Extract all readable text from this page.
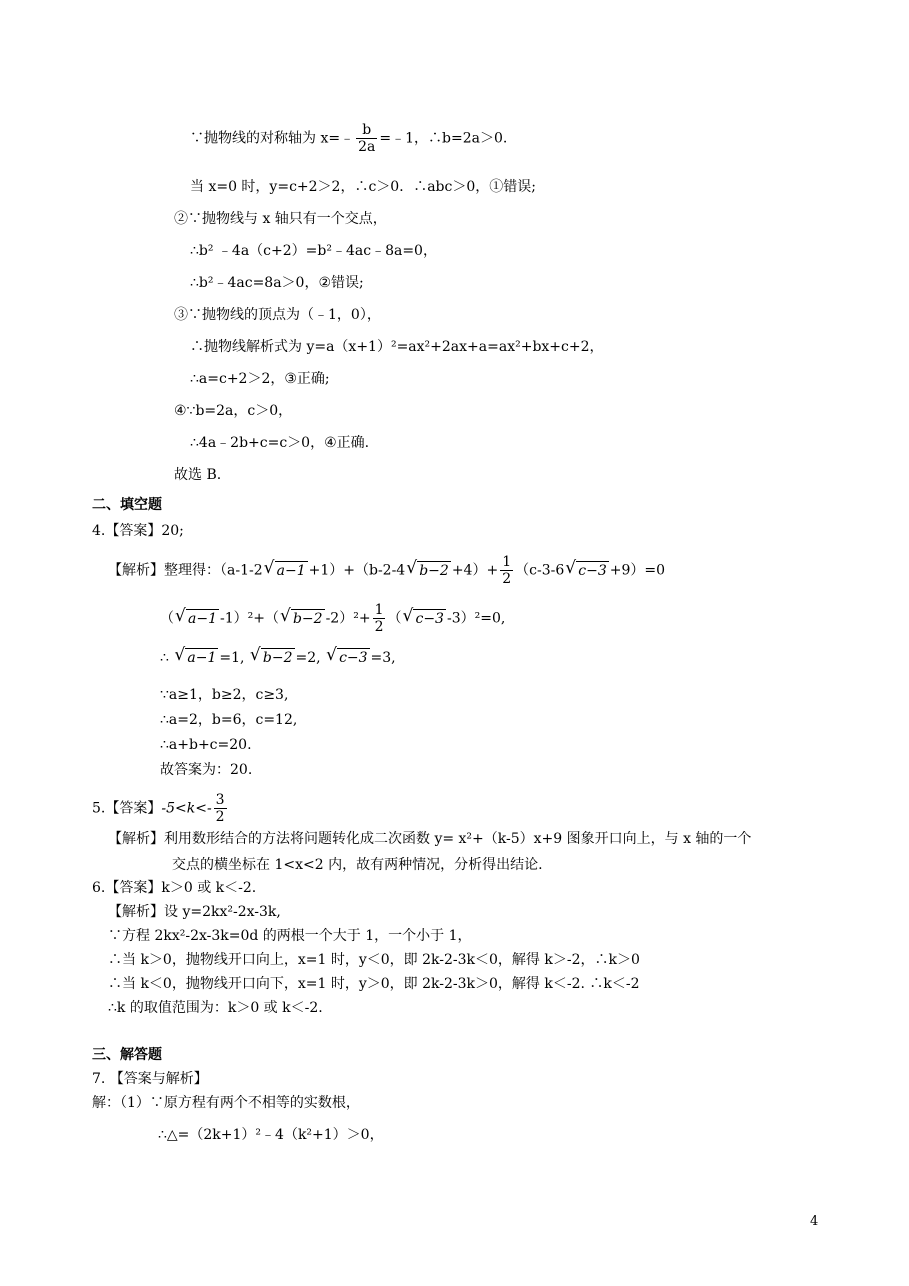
∵抛物线的对称轴为 x=﹣ $\frac{b}{2a}$ =﹣1，∴b=2a＞0.
当 x=0 时，y=c+2＞2，∴c＞0．∴abc＞0，①错误;
②∵抛物线与 x 轴只有一个交点，
∴b² ﹣4a（c+2）=b²﹣4ac﹣8a=0，
∴b²﹣4ac=8a＞0，②错误;
③∵抛物线的顶点为（﹣1，0），
∴抛物线解析式为 y=a（x+1）²=ax²+2ax+a=ax²+bx+c+2，
∴a=c+2＞2，③正确;
④∵b=2a，c＞0，
∴4a﹣2b+c=c＞0，④正确.
故选 B.
二、填空题
4.【答案】20;
【解析】整理得：（a-1-2 √ a−1 +1）+（b-2-4 √ $b-2 +4)+ \frac{1}{2} (c-3-6$ √ c−3 +9）=0
（ √ a−1 -1）²+（ √ b−2 $-2)^2+ \frac{1}{2}$ （ √ c−3 -3）²=0,
∴ √ a−1 =1, √ b−2 =2, √ c−3 =3,
∵a≥1，b≥2，c≥3,
∴a=2，b=6，c=12,
∴a+b+c=20.
故答案为：20.
5.【答案】$-5<k<- \frac{3}{2}$
【解析】利用数形结合的方法将问题转化成二次函数 y= x²+（k-5）x+9 图象开口向上，与 x 轴的一个
交点的横坐标在 1<x<2 内，故有两种情况，分析得出结论.
6.【答案】k＞0 或 k＜-2.
【解析】设 y=2kx²-2x-3k,
∵方程 2kx²-2x-3k=0d 的两根一个大于 1，一个小于 1，
∴当 k＞0，抛物线开口向上，x=1 时，y＜0，即 2k-2-3k＜0，解得 k＞-2，∴k＞0
∴当 k＜0，抛物线开口向下，x=1 时，y＞0，即 2k-2-3k＞0，解得 k＜-2. ∴k＜-2
∴k 的取值范围为：k＞0 或 k＜-2.
三、解答题
7. 【答案与解析】
解：（1）∵原方程有两个不相等的实数根，
∴△=（2k+1）²﹣4（k²+1）＞0，
4
